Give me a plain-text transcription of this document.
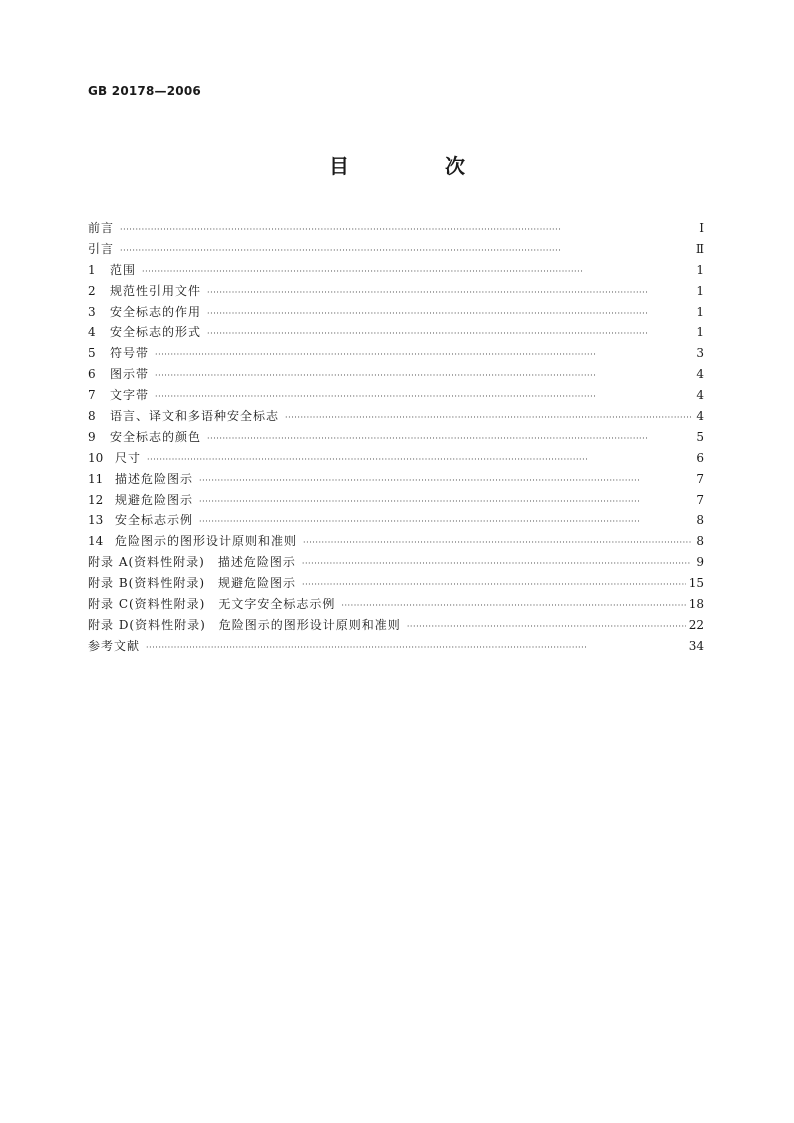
GB 20178—2006
目　次
前言 · · ·	Ⅰ
引言 · · ·	Ⅱ
1	范围 · · ·	1
2	规范性引用文件 · · ·	1
3	安全标志的作用 · · ·	1
4	安全标志的形式 · · ·	1
5	符号带 · · ·	3
6	图示带 · · ·	4
7	文字带 · · ·	4
8	语言、译文和多语种安全标志 · · ·	4
9	安全标志的颜色 · · ·	5
10 尺寸 · · ·	6
11 描述危险图示 · · ·	7
12 规避危险图示 · · ·	7
13 安全标志示例 · · ·	8
14 危险图示的图形设计原则和准则 · · ·	8
附录 A(资料性附录)　描述危险图示 · · ·	9
附录 B(资料性附录)　规避危险图示 · · ·	15
附录 C(资料性附录)　无文字安全标志示例 · · ·	18
附录 D(资料性附录)　危险图示的图形设计原则和准则 · · ·	22
参考文献 · · ·	34
